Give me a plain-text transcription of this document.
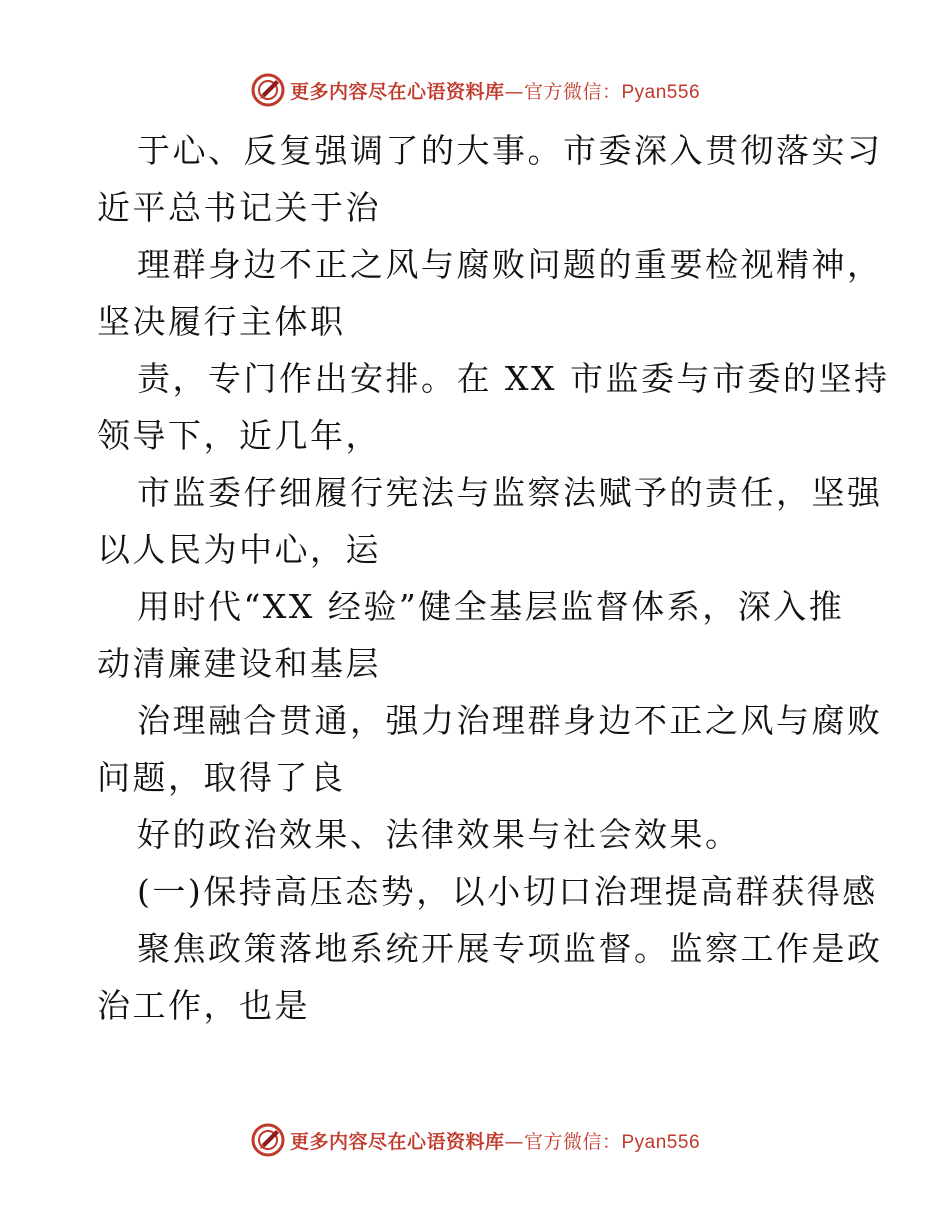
更多内容尽在心语资料库—官方微信：Pyan556
于心、反复强调了的大事。市委深入贯彻落实习
近平总书记关于治
理群身边不正之风与腐败问题的重要检视精神，
坚决履行主体职
责，专门作出安排。在 XX 市监委与市委的坚持
领导下，近几年，
市监委仔细履行宪法与监察法赋予的责任，坚强
以人民为中心，运
用时代“XX 经验”健全基层监督体系，深入推
动清廉建设和基层
治理融合贯通，强力治理群身边不正之风与腐败
问题，取得了良
好的政治效果、法律效果与社会效果。
(一)保持高压态势，以小切口治理提高群获得感
聚焦政策落地系统开展专项监督。监察工作是政
治工作，也是
更多内容尽在心语资料库—官方微信：Pyan556
